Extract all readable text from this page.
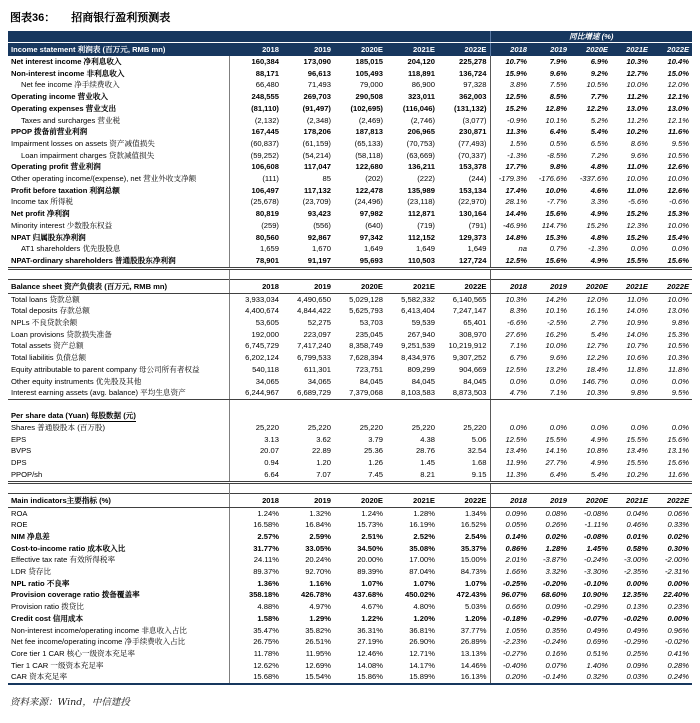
图表36： 招商银行盈利预测表
						同比增速 (%)				
Income statement 利润表 (百万元, RMB mn)	2018	2019	2020E	2021E	2022E	2018	2019	2020E	2021E	2022E
Net interest income 净利息收入	160,384	173,090	185,015	204,120	225,278	10.7%	7.9%	6.9%	10.3%	10.4%
Non-interest income 非利息收入	88,171	96,613	105,493	118,891	136,724	15.9%	9.6%	9.2%	12.7%	15.0%
Net fee income 净手续费收入	66,480	71,493	79,000	86,900	97,328	3.8%	7.5%	10.5%	10.0%	12.0%
Operating income 营业收入	248,555	269,703	290,508	323,011	362,003	12.5%	8.5%	7.7%	11.2%	12.1%
Operating expenses 营业支出	(81,110)	(91,497)	(102,695)	(116,046)	(131,132)	15.2%	12.8%	12.2%	13.0%	13.0%
Taxes and surcharges 营业税	(2,132)	(2,348)	(2,469)	(2,746)	(3,077)	-0.9%	10.1%	5.2%	11.2%	12.1%
PPOP 拨备前营业利润	167,445	178,206	187,813	206,965	230,871	11.3%	6.4%	5.4%	10.2%	11.6%
Impairment losses on assets 资产减值损失	(60,837)	(61,159)	(65,133)	(70,753)	(77,493)	1.5%	0.5%	6.5%	8.6%	9.5%
Loan impairment charges 贷款减值损失	(59,252)	(54,214)	(58,118)	(63,669)	(70,337)	-1.3%	-8.5%	7.2%	9.6%	10.5%
Operating profit 营业利润	106,608	117,047	122,680	136,211	153,378	17.7%	9.8%	4.8%	11.0%	12.6%
Other operating income/(expense), net 营业外收支净额	(111)	85	(202)	(222)	(244)	-179.3%	-176.6%	-337.6%	10.0%	10.0%
Profit before taxation 利润总额	106,497	117,132	122,478	135,989	153,134	17.4%	10.0%	4.6%	11.0%	12.6%
Income tax 所得税	(25,678)	(23,709)	(24,496)	(23,118)	(22,970)	28.1%	-7.7%	3.3%	-5.6%	-0.6%
Net profit 净利润	80,819	93,423	97,982	112,871	130,164	14.4%	15.6%	4.9%	15.2%	15.3%
Minority interest 少数股东权益	(259)	(556)	(640)	(719)	(791)	-46.9%	114.7%	15.2%	12.3%	10.0%
NPAT 归属股东净利润	80,560	92,867	97,342	112,152	129,373	14.8%	15.3%	4.8%	15.2%	15.4%
AT1 shareholders 优先股股息	1,659	1,670	1,649	1,649	1,649	na	0.7%	-1.3%	0.0%	0.0%
NPAT-ordinary shareholders 普通股股东净利润	78,901	91,197	95,693	110,503	127,724	12.5%	15.6%	4.9%	15.5%	15.6%

Balance sheet 资产负债表 (百万元, RMB mn)	2018	2019	2020E	2021E	2022E	2018	2019	2020E	2021E	2022E
Total loans 贷款总额	3,933,034	4,490,650	5,029,128	5,582,332	6,140,565	10.3%	14.2%	12.0%	11.0%	10.0%
Total deposits 存款总额	4,400,674	4,844,422	5,625,793	6,413,404	7,247,147	8.3%	10.1%	16.1%	14.0%	13.0%
NPLs 不良贷款余额	53,605	52,275	53,703	59,539	65,401	-6.6%	-2.5%	2.7%	10.9%	9.8%
Loan provisions 贷款损失准备	192,000	223,097	235,045	267,940	308,970	27.6%	16.2%	5.4%	14.0%	15.3%
Total assets 资产总额	6,745,729	7,417,240	8,358,749	9,251,539	10,219,912	7.1%	10.0%	12.7%	10.7%	10.5%
Total liabilitis 负债总额	6,202,124	6,799,533	7,628,394	8,434,976	9,307,252	6.7%	9.6%	12.2%	10.6%	10.3%
Equity attributable to parent company 母公司所有者权益	540,118	611,301	723,751	809,299	904,669	12.5%	13.2%	18.4%	11.8%	11.8%
Other equity instruments 优先股及其他	34,065	34,065	84,045	84,045	84,045	0.0%	0.0%	146.7%	0.0%	0.0%
Interest earning assets (avg. balance) 平均生息资产	6,244,967	6,689,729	7,379,068	8,103,583	8,873,503	4.7%	7.1%	10.3%	9.8%	9.5%

Per share data (Yuan) 每股数据 (元)										
Shares 普通股股本 (百万股)	25,220	25,220	25,220	25,220	25,220	0.0%	0.0%	0.0%	0.0%	0.0%
EPS	3.13	3.62	3.79	4.38	5.06	12.5%	15.5%	4.9%	15.5%	15.6%
BVPS	20.07	22.89	25.36	28.76	32.54	13.4%	14.1%	10.8%	13.4%	13.1%
DPS	0.94	1.20	1.26	1.45	1.68	11.9%	27.7%	4.9%	15.5%	15.6%
PPOP/sh	6.64	7.07	7.45	8.21	9.15	11.3%	6.4%	5.4%	10.2%	11.6%

Main indicators主要指标 (%)	2018	2019	2020E	2021E	2022E	2018	2019	2020E	2021E	2022E
ROA	1.24%	1.32%	1.24%	1.28%	1.34%	0.09%	0.08%	-0.08%	0.04%	0.06%
ROE	16.58%	16.84%	15.73%	16.19%	16.52%	0.05%	0.26%	-1.11%	0.46%	0.33%
NIM 净息差	2.57%	2.59%	2.51%	2.52%	2.54%	0.14%	0.02%	-0.08%	0.01%	0.02%
Cost-to-income ratio 成本收入比	31.77%	33.05%	34.50%	35.08%	35.37%	0.86%	1.28%	1.45%	0.58%	0.30%
Effective tax rate 有效所得税率	24.11%	20.24%	20.00%	17.00%	15.00%	2.01%	-3.87%	-0.24%	-3.00%	-2.00%
LDR 贷存比	89.37%	92.70%	89.39%	87.04%	84.73%	1.66%	3.32%	-3.30%	-2.35%	-2.31%
NPL ratio 不良率	1.36%	1.16%	1.07%	1.07%	1.07%	-0.25%	-0.20%	-0.10%	0.00%	0.00%
Provision coverage ratio 拨备覆盖率	358.18%	426.78%	437.68%	450.02%	472.43%	96.07%	68.60%	10.90%	12.35%	22.40%
Provision ratio 拨贷比	4.88%	4.97%	4.67%	4.80%	5.03%	0.66%	0.09%	-0.29%	0.13%	0.23%
Credit cost 信用成本	1.58%	1.29%	1.22%	1.20%	1.20%	-0.18%	-0.29%	-0.07%	-0.02%	0.00%
Non-interest income/operating income 非息收入占比	35.47%	35.82%	36.31%	36.81%	37.77%	1.05%	0.35%	0.49%	0.49%	0.96%
Net fee income/operating income 净手续费收入占比	26.75%	26.51%	27.19%	26.90%	26.89%	-2.23%	-0.24%	0.69%	-0.29%	-0.02%
Core tier 1 CAR 核心一级资本充足率	11.78%	11.95%	12.46%	12.71%	13.13%	-0.27%	0.16%	0.51%	0.25%	0.41%
Tier 1 CAR 一级资本充足率	12.62%	12.69%	14.08%	14.17%	14.46%	-0.40%	0.07%	1.40%	0.09%	0.28%
CAR 资本充足率	15.68%	15.54%	15.86%	15.89%	16.13%	0.20%	-0.14%	0.32%	0.03%	0.24%
资料来源：Wind，中信建投
